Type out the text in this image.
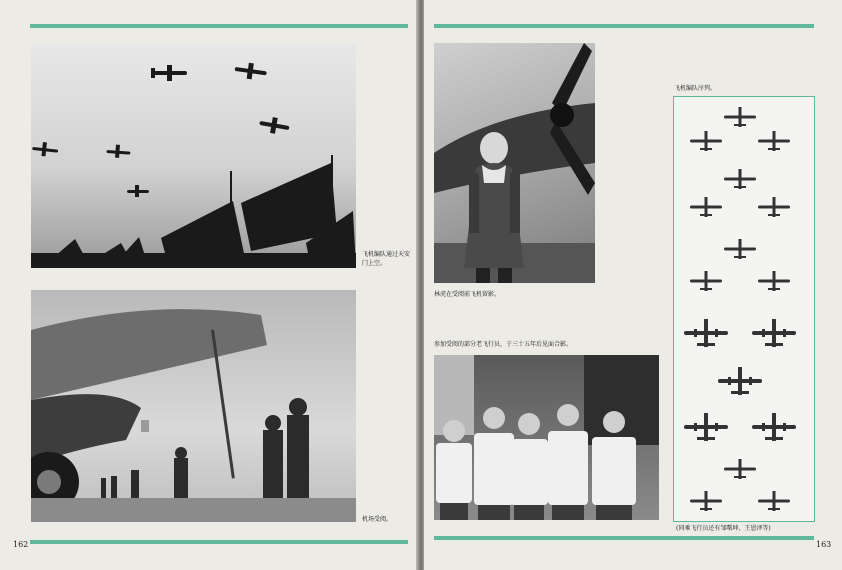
飞机编队通过天安门上空。
机场受阅。
162
林虎在受阅前飞机留影。
参加受阅的部分老飞行员，于三十五年后见面合影。
飞机编队序列。
(同乘飞行员还有邹曙坤、王恩泽等)
163
